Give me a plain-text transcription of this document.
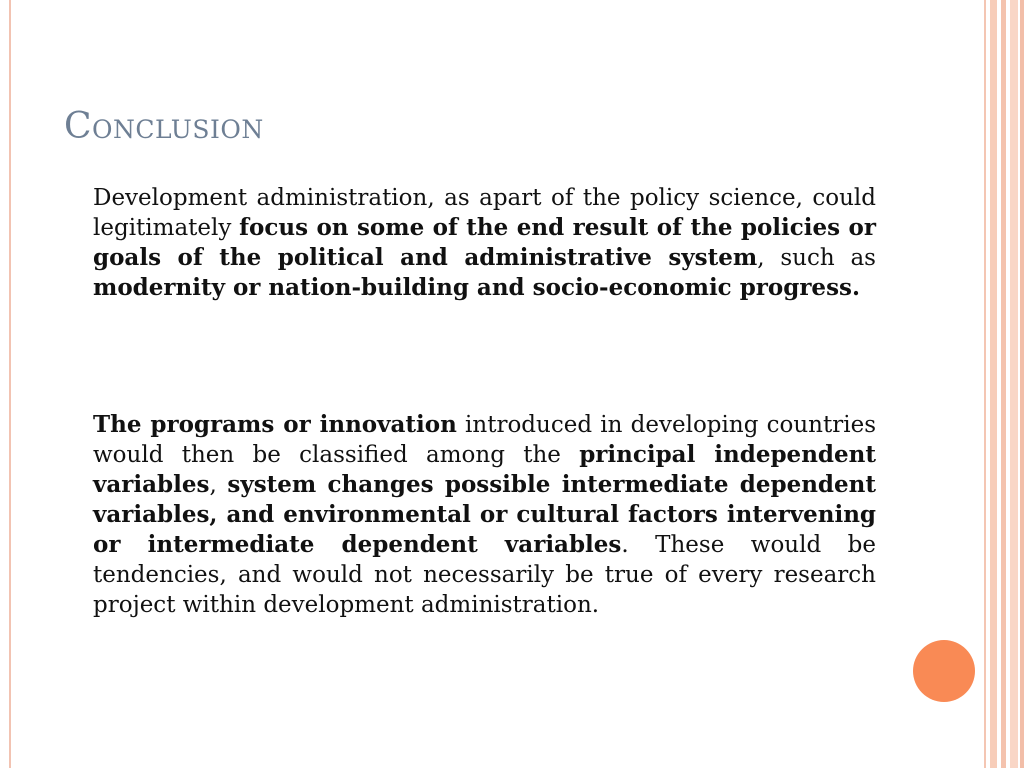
Conclusion

Development administration, as apart of the policy science, could legitimately focus on some of the end result of the policies or goals of the political and administrative system, such as modernity or nation-building and socio-economic progress.

The programs or innovation introduced in developing countries would then be classified among the principal independent variables, system changes possible intermediate dependent variables, and environmental or cultural factors intervening or intermediate dependent variables. These would be tendencies, and would not necessarily be true of every research project within development administration.
